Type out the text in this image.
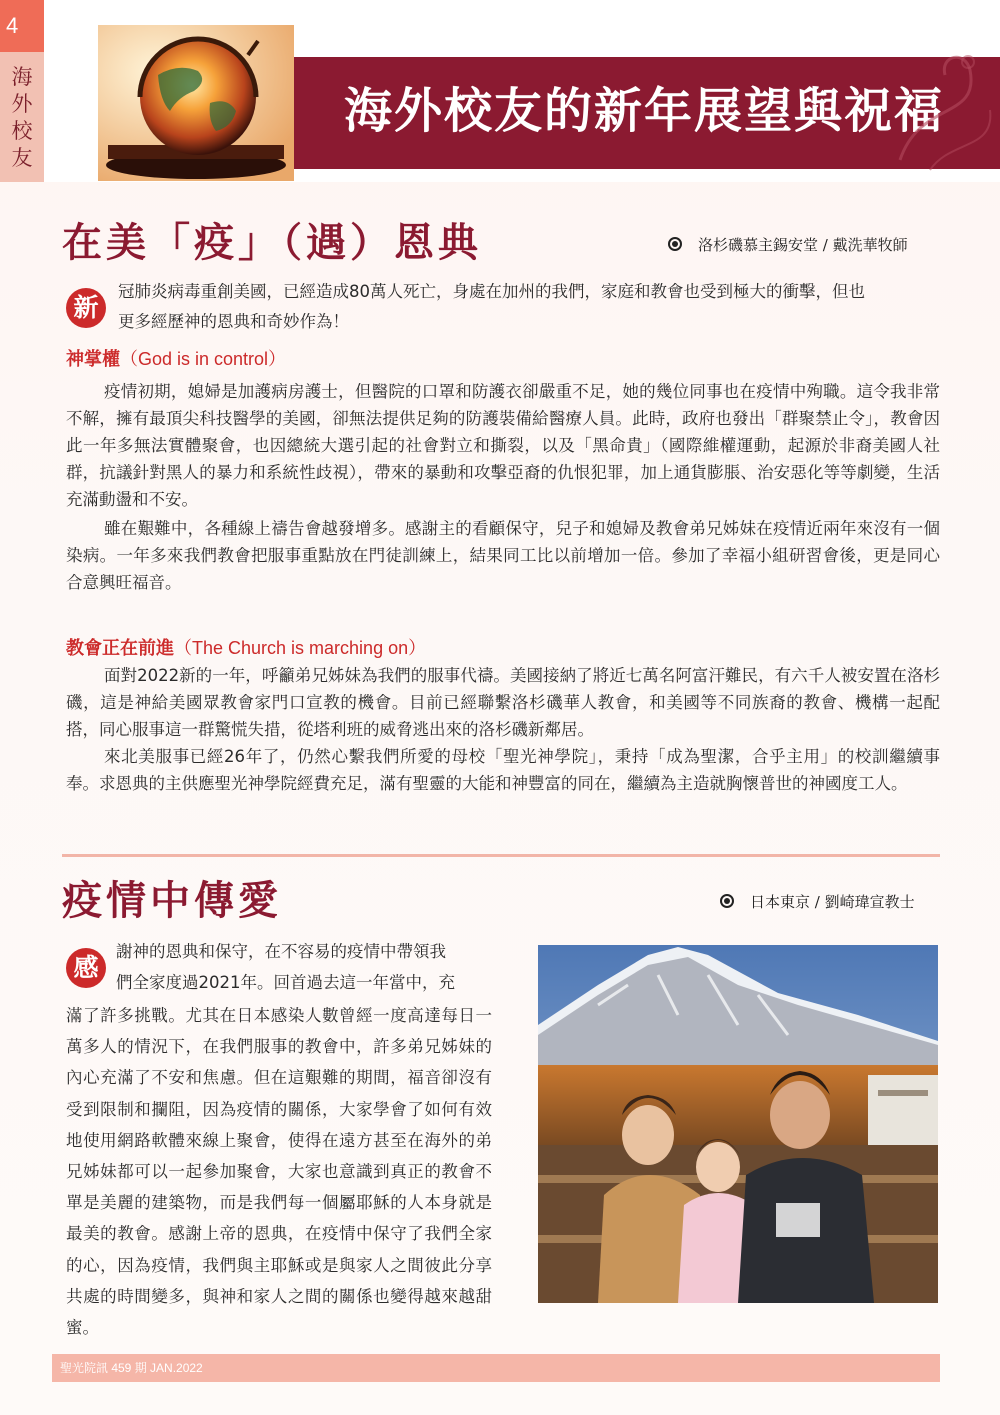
4
海外校友
海外校友的新年展望與祝福
在美「疫」（遇）恩典	洛杉磯慕主錫安堂 / 戴洗華牧師
新
冠肺炎病毒重創美國，已經造成80萬人死亡，身處在加州的我們，家庭和教會也受到極大的衝擊，但也
更多經歷神的恩典和奇妙作為！
神掌權（God is in control）

疫情初期，媳婦是加護病房護士，但醫院的口罩和防護衣卻嚴重不足，她的幾位同事也在疫情中殉職。這令我非常不解，擁有最頂尖科技醫學的美國，卻無法提供足夠的防護裝備給醫療人員。此時，政府也發出「群聚禁止令」，教會因此一年多無法實體聚會，也因總統大選引起的社會對立和撕裂，以及「黑命貴」（國際維權運動，起源於非裔美國人社群，抗議針對黑人的暴力和系統性歧視），帶來的暴動和攻擊亞裔的仇恨犯罪，加上通貨膨脹、治安惡化等等劇變，生活充滿動盪和不安。

雖在艱難中，各種線上禱告會越發增多。感謝主的看顧保守，兒子和媳婦及教會弟兄姊妹在疫情近兩年來沒有一個染病。一年多來我們教會把服事重點放在門徒訓練上，結果同工比以前增加一倍。參加了幸福小組研習會後，更是同心合意興旺福音。

教會正在前進（The Church is marching on）

面對2022新的一年，呼籲弟兄姊妹為我們的服事代禱。美國接納了將近七萬名阿富汗難民，有六千人被安置在洛杉磯，這是神給美國眾教會家門口宣教的機會。目前已經聯繫洛杉磯華人教會，和美國等不同族裔的教會、機構一起配搭，同心服事這一群驚慌失措，從塔利班的威脅逃出來的洛杉磯新鄰居。

來北美服事已經26年了，仍然心繫我們所愛的母校「聖光神學院」，秉持「成為聖潔，合乎主用」的校訓繼續事奉。求恩典的主供應聖光神學院經費充足，滿有聖靈的大能和神豐富的同在，繼續為主造就胸懷普世的神國度工人。

疫情中傳愛	日本東京 / 劉崎瑋宣教士
感
謝神的恩典和保守，在不容易的疫情中帶領我
們全家度過2021年。回首過去這一年當中，充
滿了許多挑戰。尤其在日本感染人數曾經一度高達每日一萬多人的情況下，在我們服事的教會中，許多弟兄姊妹的內心充滿了不安和焦慮。但在這艱難的期間，福音卻沒有受到限制和攔阻，因為疫情的關係，大家學會了如何有效地使用網路軟體來線上聚會，使得在遠方甚至在海外的弟兄姊妹都可以一起參加聚會，大家也意識到真正的教會不單是美麗的建築物，而是我們每一個屬耶穌的人本身就是最美的教會。感謝上帝的恩典，在疫情中保守了我們全家的心，因為疫情，我們與主耶穌或是與家人之間彼此分享共處的時間變多，與神和家人之間的關係也變得越來越甜蜜。
聖光院訊 459 期 JAN.2022
